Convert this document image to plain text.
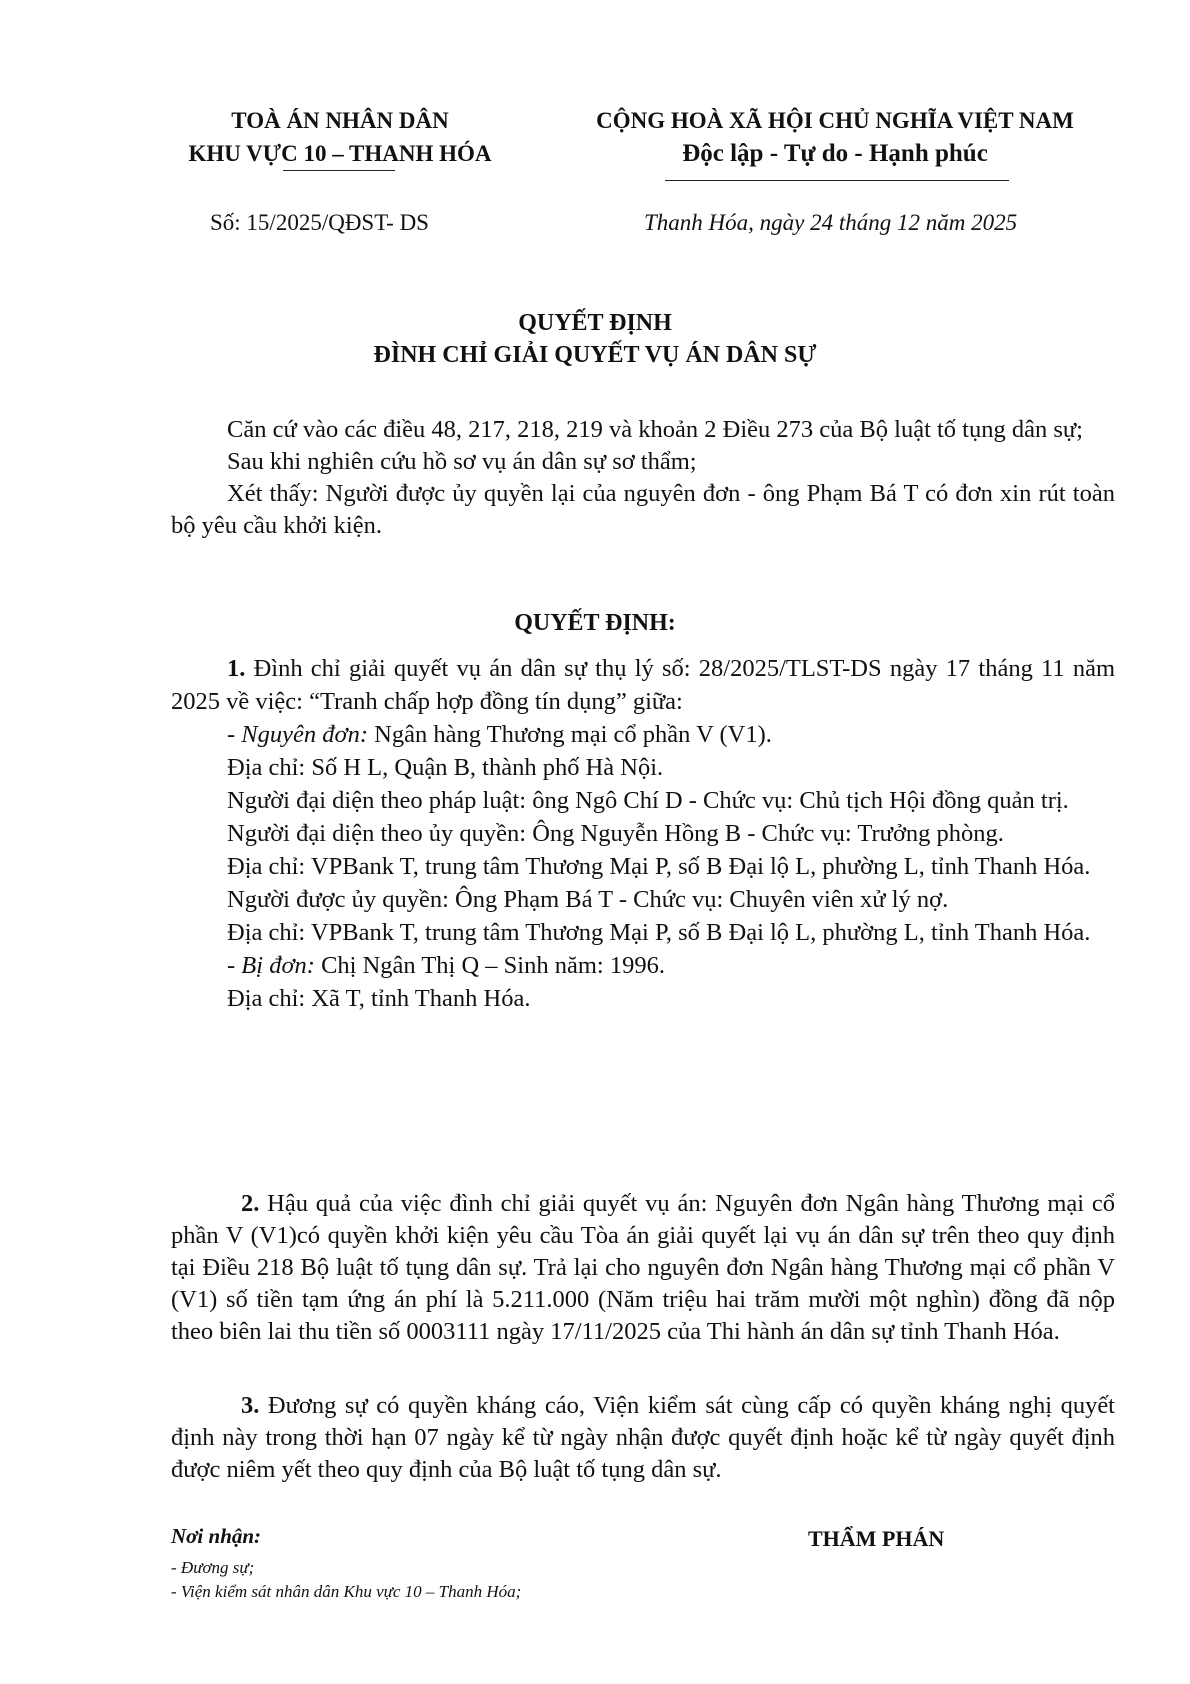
TOÀ ÁN NHÂN DÂN
KHU VỰC 10 – THANH HÓA
CỘNG HOÀ XÃ HỘI CHỦ NGHĨA VIỆT NAM
Độc lập - Tự do - Hạnh phúc
Số: 15/2025/QĐST- DS	Thanh Hóa, ngày 24 tháng 12 năm 2025
QUYẾT ĐỊNH
ĐÌNH CHỈ GIẢI QUYẾT VỤ ÁN DÂN SỰ

Căn cứ vào các điều 48, 217, 218, 219 và khoản 2 Điều 273 của Bộ luật tố tụng dân sự;

Sau khi nghiên cứu hồ sơ vụ án dân sự sơ thẩm;

Xét thấy: Người được ủy quyền lại của nguyên đơn - ông Phạm Bá T có đơn xin rút toàn bộ yêu cầu khởi kiện.

QUYẾT ĐỊNH:

1. Đình chỉ giải quyết vụ án dân sự thụ lý số: 28/2025/TLST-DS ngày 17 tháng 11 năm 2025 về việc: “Tranh chấp hợp đồng tín dụng” giữa:

- Nguyên đơn: Ngân hàng Thương mại cổ phần V (V1).

Địa chỉ: Số H L, Quận B, thành phố Hà Nội.

Người đại diện theo pháp luật: ông Ngô Chí D - Chức vụ: Chủ tịch Hội đồng quản trị.

Người đại diện theo ủy quyền: Ông Nguyễn Hồng B - Chức vụ: Trưởng phòng.

Địa chỉ: VPBank T, trung tâm Thương Mại P, số B Đại lộ L, phường L, tỉnh Thanh Hóa.

Người được ủy quyền: Ông Phạm Bá T - Chức vụ: Chuyên viên xử lý nợ.

Địa chỉ: VPBank T, trung tâm Thương Mại P, số B Đại lộ L, phường L, tỉnh Thanh Hóa.

- Bị đơn: Chị Ngân Thị Q – Sinh năm: 1996.

Địa chỉ: Xã T, tỉnh Thanh Hóa.

2. Hậu quả của việc đình chỉ giải quyết vụ án: Nguyên đơn Ngân hàng Thương mại cổ phần V (V1)có quyền khởi kiện yêu cầu Tòa án giải quyết lại vụ án dân sự trên theo quy định tại Điều 218 Bộ luật tố tụng dân sự. Trả lại cho nguyên đơn Ngân hàng Thương mại cổ phần V (V1) số tiền tạm ứng án phí là 5.211.000 (Năm triệu hai trăm mười một nghìn) đồng đã nộp theo biên lai thu tiền số 0003111 ngày 17/11/2025 của Thi hành án dân sự tỉnh Thanh Hóa.

3. Đương sự có quyền kháng cáo, Viện kiểm sát cùng cấp có quyền kháng nghị quyết định này trong thời hạn 07 ngày kể từ ngày nhận được quyết định hoặc kể từ ngày quyết định được niêm yết theo quy định của Bộ luật tố tụng dân sự.

Nơi nhận:
- Đương sự;
- Viện kiểm sát nhân dân Khu vực 10 – Thanh Hóa;
THẨM PHÁN
